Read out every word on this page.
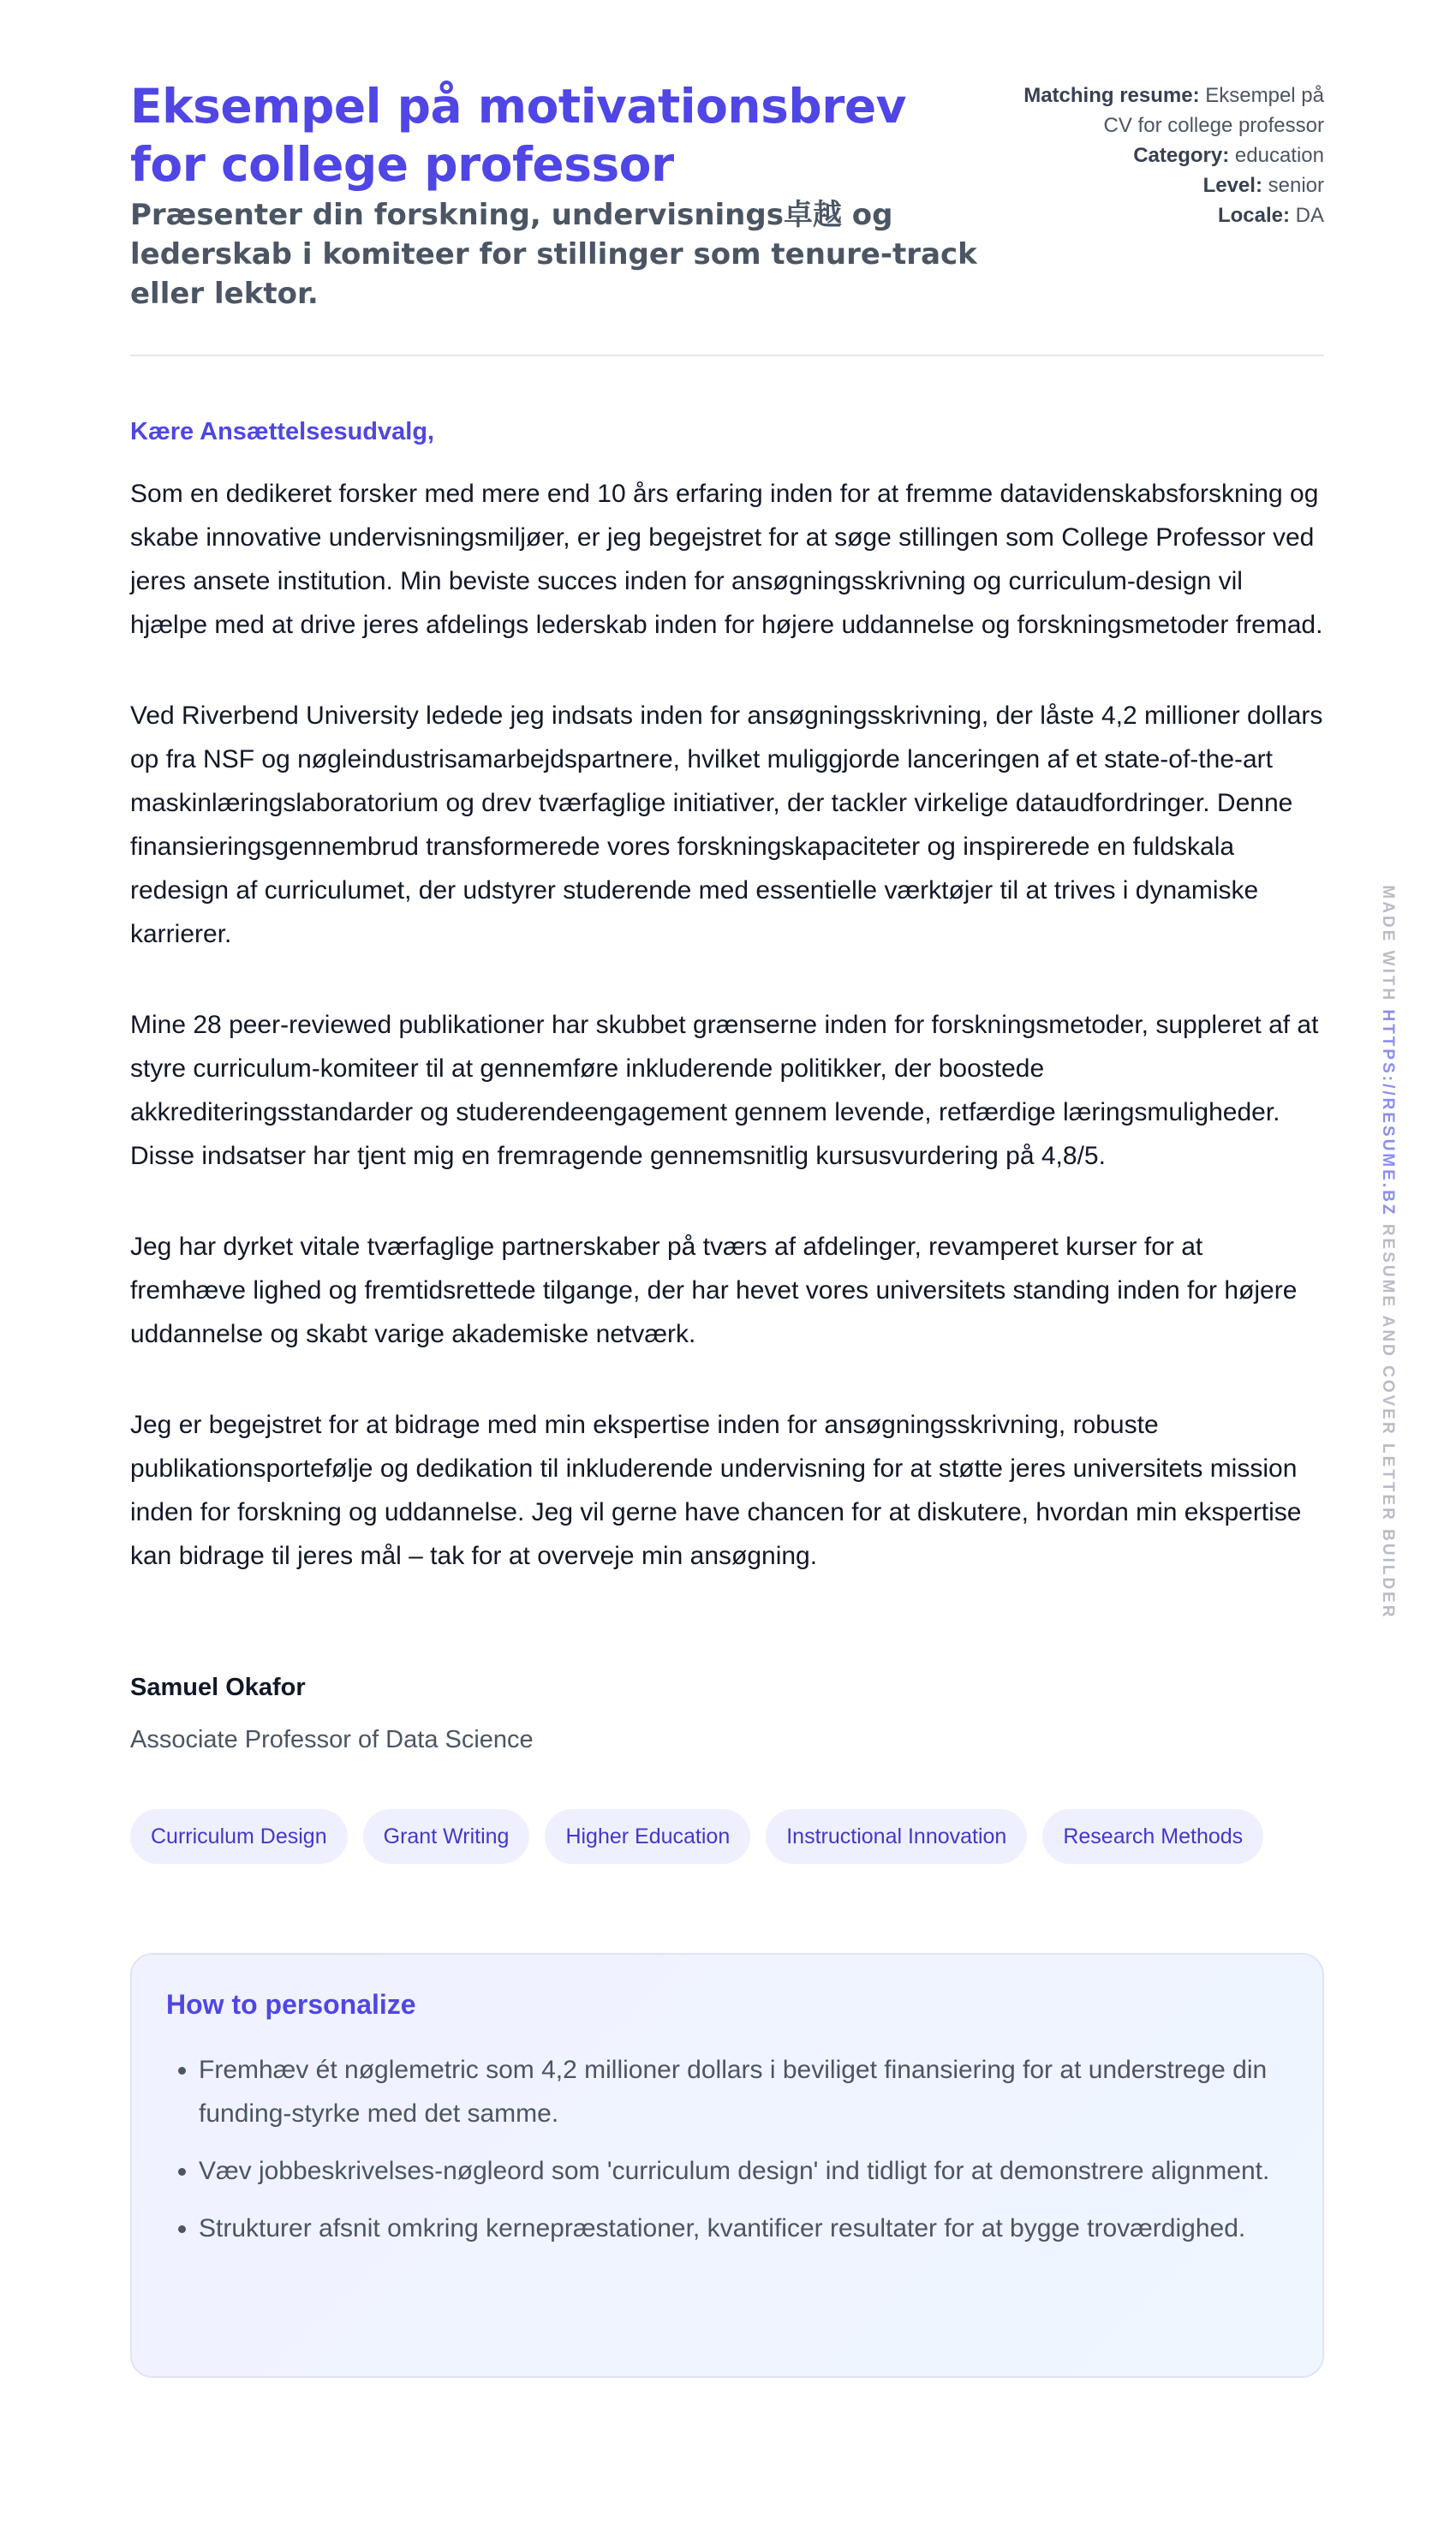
Eksempel på motivationsbrev for college professor
Præsenter din forskning, undervisnings卓越 og lederskab i komiteer for stillinger som tenure-track eller lektor.
Matching resume: Eksempel på CV for college professor
Category: education
Level: senior
Locale: DA
Kære Ansættelsesudvalg,

Som en dedikeret forsker med mere end 10 års erfaring inden for at fremme datavidenskabsforskning og skabe innovative undervisningsmiljøer, er jeg begejstret for at søge stillingen som College Professor ved jeres ansete institution. Min beviste succes inden for ansøgningsskrivning og curriculum-design vil hjælpe med at drive jeres afdelings lederskab inden for højere uddannelse og forskningsmetoder fremad.

Ved Riverbend University ledede jeg indsats inden for ansøgningsskrivning, der låste 4,2 millioner dollars op fra NSF og nøgleindustrisamarbejdspartnere, hvilket muliggjorde lanceringen af et state-of-the-art maskinlæringslaboratorium og drev tværfaglige initiativer, der tackler virkelige dataudfordringer. Denne finansieringsgennembrud transformerede vores forskningskapaciteter og inspirerede en fuldskala redesign af curriculumet, der udstyrer studerende med essentielle værktøjer til at trives i dynamiske karrierer.

Mine 28 peer-reviewed publikationer har skubbet grænserne inden for forskningsmetoder, suppleret af at styre curriculum-komiteer til at gennemføre inkluderende politikker, der boostede akkrediteringsstandarder og studerendeengagement gennem levende, retfærdige læringsmuligheder. Disse indsatser har tjent mig en fremragende gennemsnitlig kursusvurdering på 4,8/5.

Jeg har dyrket vitale tværfaglige partnerskaber på tværs af afdelinger, revamperet kurser for at fremhæve lighed og fremtidsrettede tilgange, der har hevet vores universitets standing inden for højere uddannelse og skabt varige akademiske netværk.

Jeg er begejstret for at bidrage med min ekspertise inden for ansøgningsskrivning, robuste publikationsportefølje og dedikation til inkluderende undervisning for at støtte jeres universitets mission inden for forskning og uddannelse. Jeg vil gerne have chancen for at diskutere, hvordan min ekspertise kan bidrage til jeres mål – tak for at overveje min ansøgning.

Samuel Okafor
Associate Professor of Data Science
Curriculum Design	Grant Writing	Higher Education	Instructional Innovation	Research Methods
How to personalize
• Fremhæv ét nøglemetric som 4,2 millioner dollars i beviliget finansiering for at understrege din funding-styrke med det samme.
• Væv jobbeskrivelses-nøgleord som 'curriculum design' ind tidligt for at demonstrere alignment.
• Strukturer afsnit omkring kernepræstationer, kvantificer resultater for at bygge troværdighed.
MADE WITH HTTPS://RESUME.BZ RESUME AND COVER LETTER BUILDER
